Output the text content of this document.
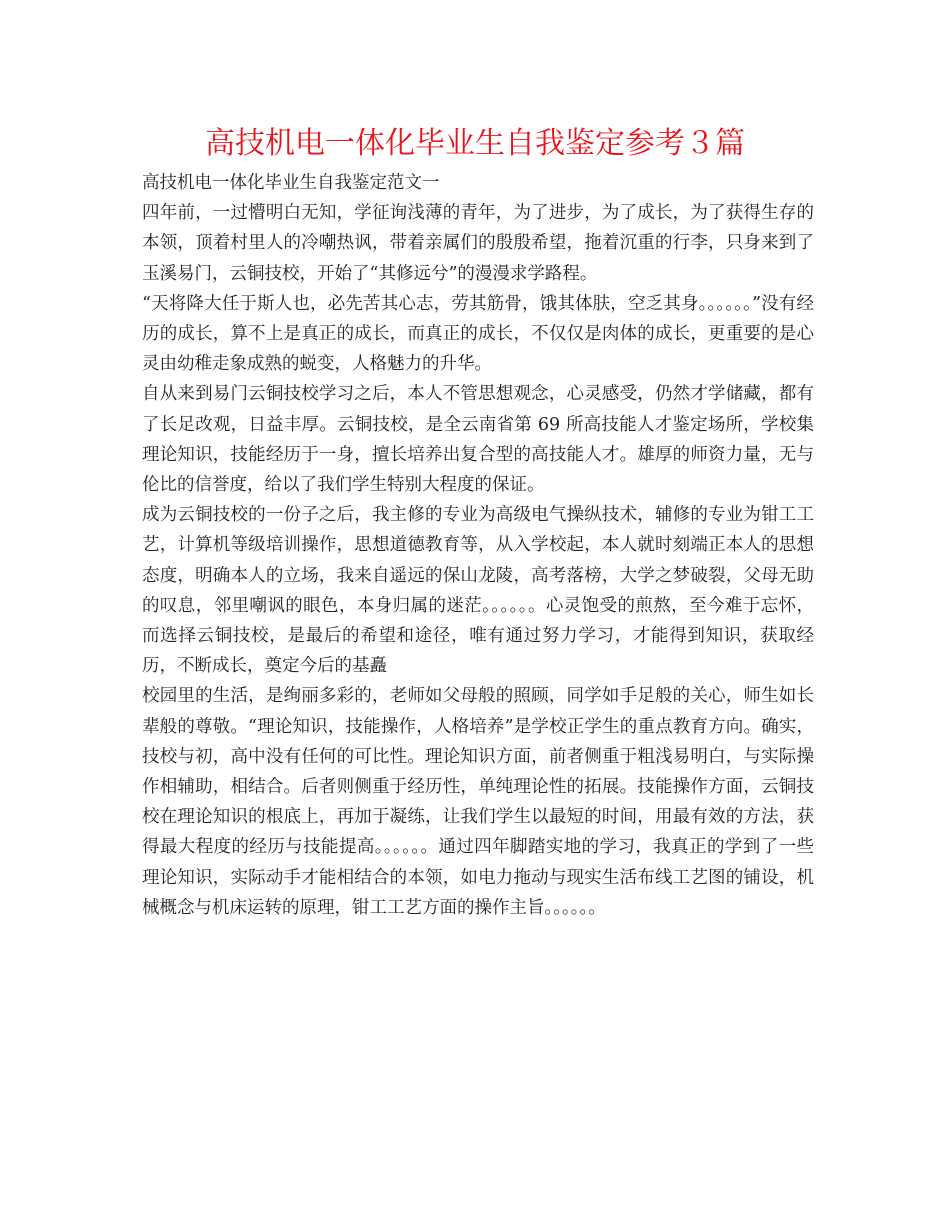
高技机电一体化毕业生自我鉴定参考３篇

高技机电一体化毕业生自我鉴定范文一

四年前，一过懵明白无知，学征询浅薄的青年，为了进步，为了成长，为了获得生存的本领，顶着村里人的冷嘲热讽，带着亲属们的殷殷希望，拖着沉重的行李，只身来到了玉溪易门，云铜技校，开始了“其修远兮”的漫漫求学路程。

“天将降大任于斯人也，必先苦其心志，劳其筋骨，饿其体肤，空乏其身。。。。。。”没有经历的成长，算不上是真正的成长，而真正的成长，不仅仅是肉体的成长，更重要的是心灵由幼稚走象成熟的蜕变，人格魅力的升华。

自从来到易门云铜技校学习之后，本人不管思想观念，心灵感受，仍然才学储藏，都有了长足改观，日益丰厚。云铜技校，是全云南省第 69 所高技能人才鉴定场所，学校集理论知识，技能经历于一身，擅长培养出复合型的高技能人才。雄厚的师资力量，无与伦比的信誉度，给以了我们学生特别大程度的保证。

成为云铜技校的一份子之后，我主修的专业为高级电气操纵技术，辅修的专业为钳工工艺，计算机等级培训操作，思想道德教育等，从入学校起，本人就时刻端正本人的思想态度，明确本人的立场，我来自遥远的保山龙陵，高考落榜，大学之梦破裂，父母无助的叹息，邻里嘲讽的眼色，本身归属的迷茫。。。。。。心灵饱受的煎熬，至今难于忘怀，而选择云铜技校，是最后的希望和途径，唯有通过努力学习，才能得到知识，获取经历，不断成长，奠定今后的基矗

校园里的生活，是绚丽多彩的，老师如父母般的照顾，同学如手足般的关心，师生如长辈般的尊敬。“理论知识，技能操作，人格培养”是学校正学生的重点教育方向。确实，技校与初，高中没有任何的可比性。理论知识方面，前者侧重于粗浅易明白，与实际操作相辅助，相结合。后者则侧重于经历性，单纯理论性的拓展。技能操作方面，云铜技校在理论知识的根底上，再加于凝练，让我们学生以最短的时间，用最有效的方法，获得最大程度的经历与技能提高。。。。。。通过四年脚踏实地的学习，我真正的学到了一些理论知识，实际动手才能相结合的本领，如电力拖动与现实生活布线工艺图的铺设，机械概念与机床运转的原理，钳工工艺方面的操作主旨。。。。。。
